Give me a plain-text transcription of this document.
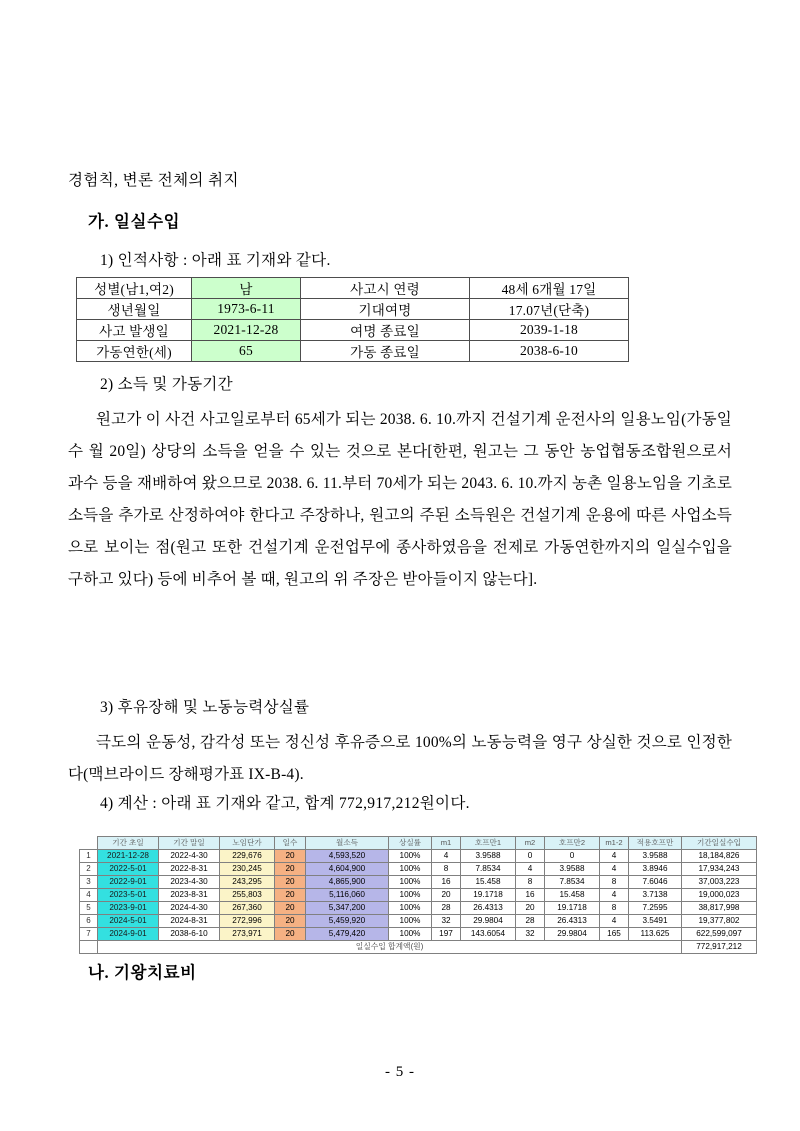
경험칙, 변론 전체의 취지
가. 일실수입
1) 인적사항 : 아래 표 기재와 같다.
성별(남1,여2)	남	사고시 연령	48세 6개월 17일
생년월일	1973-6-11	기대여명	17.07년(단축)
사고 발생일	2021-12-28	여명 종료일	2039-1-18
가동연한(세)	65	가동 종료일	2038-6-10
2) 소득 및 가동기간
원고가 이 사건 사고일로부터 65세가 되는 2038. 6. 10.까지 건설기계 운전사의 일용노임(가동일수 월 20일) 상당의 소득을 얻을 수 있는 것으로 본다[한편, 원고는 그 동안 농업협동조합원으로서 과수 등을 재배하여 왔으므로 2038. 6. 11.부터 70세가 되는 2043. 6. 10.까지 농촌 일용노임을 기초로 소득을 추가로 산정하여야 한다고 주장하나, 원고의 주된 소득원은 건설기계 운용에 따른 사업소득으로 보이는 점(원고 또한 건설기계 운전업무에 종사하였음을 전제로 가동연한까지의 일실수입을 구하고 있다) 등에 비추어 볼 때, 원고의 위 주장은 받아들이지 않는다].
3) 후유장해 및 노동능력상실률
극도의 운동성, 감각성 또는 정신성 후유증으로 100%의 노동능력을 영구 상실한 것으로 인정한다(맥브라이드 장해평가표 IX-B-4).
4) 계산 : 아래 표 기재와 같고, 합계 772,917,212원이다.
	기간 초일	기간 말일	노임단가	일수	월소득	상실률	m1	호프만1	m2	호프만2	m1-2	적용호프만	기간일실수입
1	2021-12-28	2022-4-30	229,676	20	4,593,520	100%	4	3.9588	0	0	4	3.9588	18,184,826
2	2022-5-01	2022-8-31	230,245	20	4,604,900	100%	8	7.8534	4	3.9588	4	3.8946	17,934,243
3	2022-9-01	2023-4-30	243,295	20	4,865,900	100%	16	15.458	8	7.8534	8	7.6046	37,003,223
4	2023-5-01	2023-8-31	255,803	20	5,116,060	100%	20	19.1718	16	15.458	4	3.7138	19,000,023
5	2023-9-01	2024-4-30	267,360	20	5,347,200	100%	28	26.4313	20	19.1718	8	7.2595	38,817,998
6	2024-5-01	2024-8-31	272,996	20	5,459,920	100%	32	29.9804	28	26.4313	4	3.5491	19,377,802
7	2024-9-01	2038-6-10	273,971	20	5,479,420	100%	197	143.6054	32	29.9804	165	113.625	622,599,097
	일실수입 합계액(원)												772,917,212
나. 기왕치료비
- 5 -
